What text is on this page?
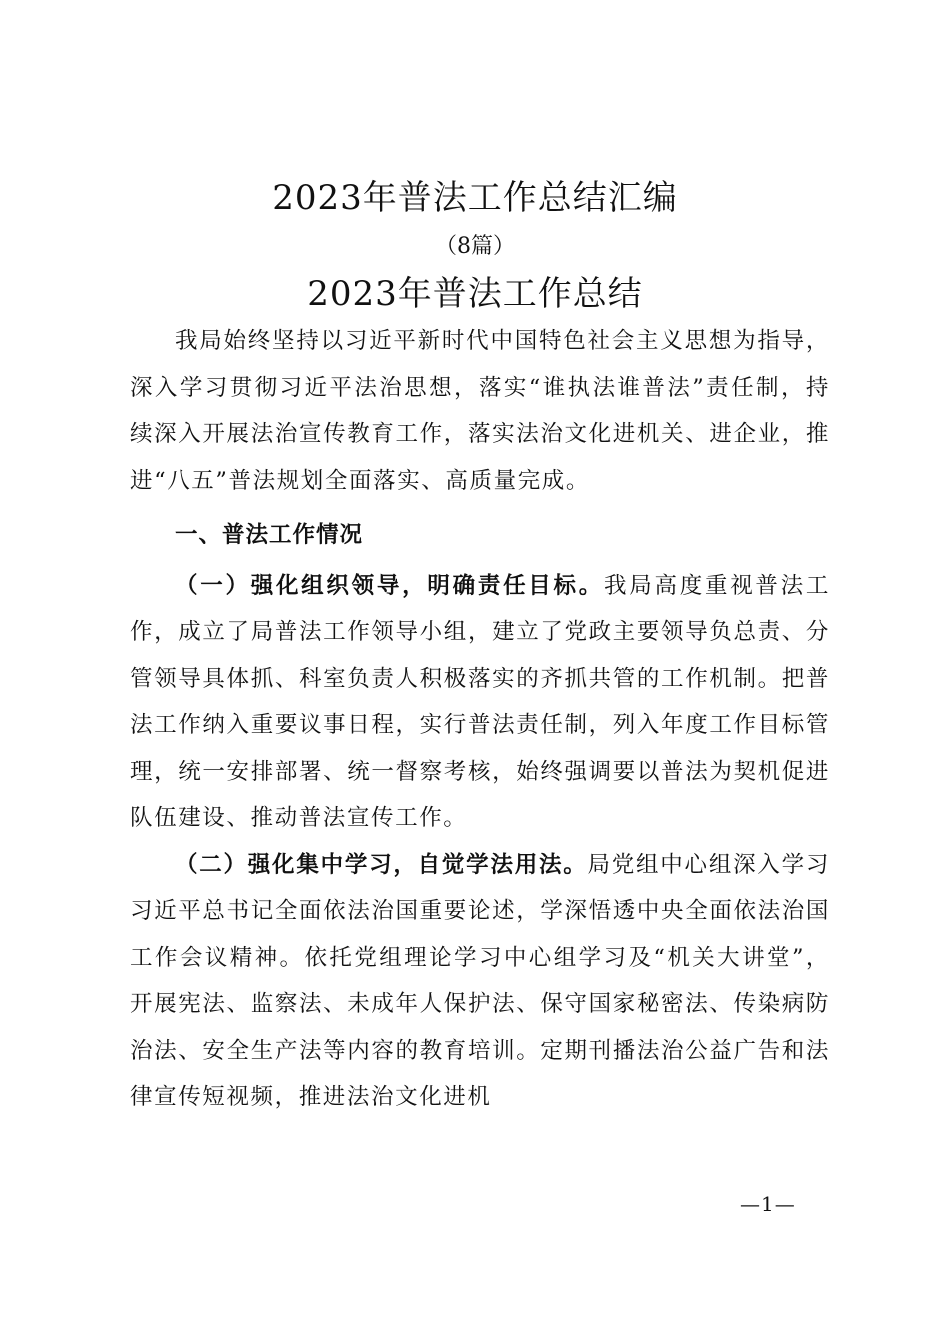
2023年普法工作总结汇编
（8篇）
2023年普法工作总结

我局始终坚持以习近平新时代中国特色社会主义思想为指导，深入学习贯彻习近平法治思想，落实“谁执法谁普法”责任制，持续深入开展法治宣传教育工作，落实法治文化进机关、进企业，推进“八五”普法规划全面落实、高质量完成。

一、普法工作情况

（一）强化组织领导，明确责任目标。我局高度重视普法工作，成立了局普法工作领导小组，建立了党政主要领导负总责、分管领导具体抓、科室负责人积极落实的齐抓共管的工作机制。把普法工作纳入重要议事日程，实行普法责任制，列入年度工作目标管理，统一安排部署、统一督察考核，始终强调要以普法为契机促进队伍建设、推动普法宣传工作。

（二）强化集中学习，自觉学法用法。局党组中心组深入学习习近平总书记全面依法治国重要论述，学深悟透中央全面依法治国工作会议精神。依托党组理论学习中心组学习及“机关大讲堂”，开展宪法、监察法、未成年人保护法、保守国家秘密法、传染病防治法、安全生产法等内容的教育培训。定期刊播法治公益广告和法律宣传短视频，推进法治文化进机

—1—
